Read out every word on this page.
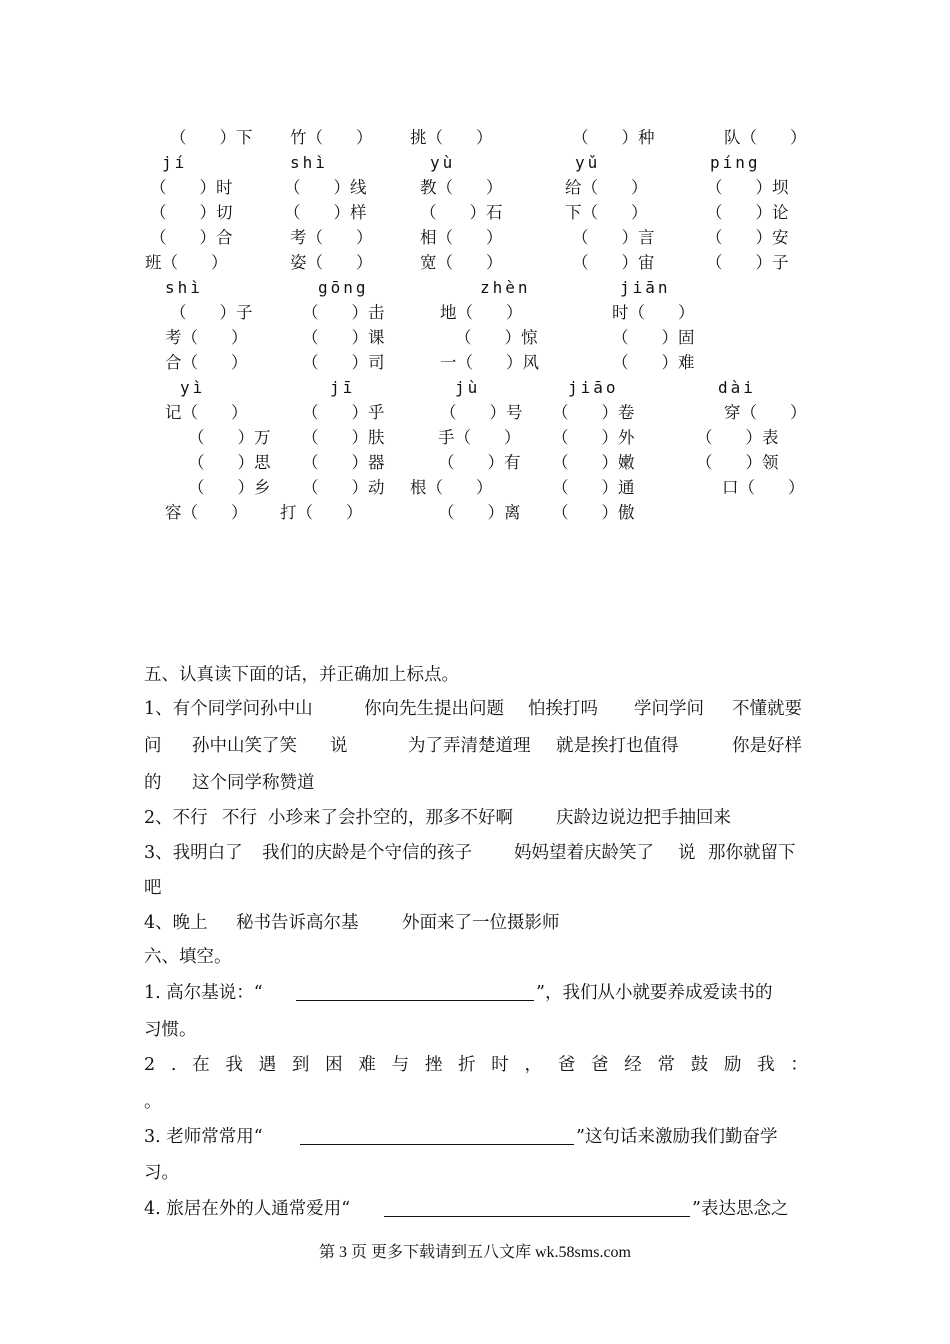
（　　）下 竹（　　） 挑（　　）	（　　）种	队（　　）
jí	shì	yù	yǔ	píng
（　　）时	（　　）线	教（　　）	给（　　）	（　　）坝
（　　）切	（　　）样	（　　）石	下（　　）	（　　）论
（　　）合	考（　　）	相（　　）	（　　）言	（　　）安
班（　　）	姿（　　）	宽（　　）	（　　）宙	（　　）子
shì	gōng	zhèn	jiān
（　　）子	（　　）击	地（　　）	时（　　）
考（　　）	（　　）课	（　　）惊	（　　）固
合（　　）	（　　）司	一（　　）风	（　　）难
yì	jī	jù	jiāo	dài
记（　　）	（　　）乎	（　　）号 （　　）卷	穿（　　）
（　　）万 （　　）肤	手（　　） （　　）外	（　　）表
（　　）思 （　　）器	（　　）有 （　　）嫩	（　　）领
（　　）乡 （　　）动 根（　　）	（　　）通	口（　　）
容（　　） 打（　　）	（　　）离 （　　）傲
五、认真读下面的话，并正确加上标点。
1、有个同学问孙中山	你向先生提出问题 怕挨打吗 学问学问 不懂就要
问 孙中山笑了笑 说	为了弄清楚道理 就是挨打也值得	你是好样
的 这个同学称赞道
2、不行 不行 小珍来了会扑空的，那多不好啊 庆龄边说边把手抽回来
3、我明白了 我们的庆龄是个守信的孩子 妈妈望着庆龄笑了 说 那你就留下
吧
4、晚上 秘书告诉高尔基 外面来了一位摄影师
六、填空。
1. 高尔基说：“	”，我们从小就要养成爱读书的
习惯。
2 . 在 我 遇 到 困 难 与 挫 折 时 ， 爸 爸 经 常 鼓 励 我 ：
。
3. 老师常常用“	”这句话来激励我们勤奋学
习。
4. 旅居在外的人通常爱用“	”表达思念之
第 3 页 更多下载请到五八文库 wk.58sms.com
